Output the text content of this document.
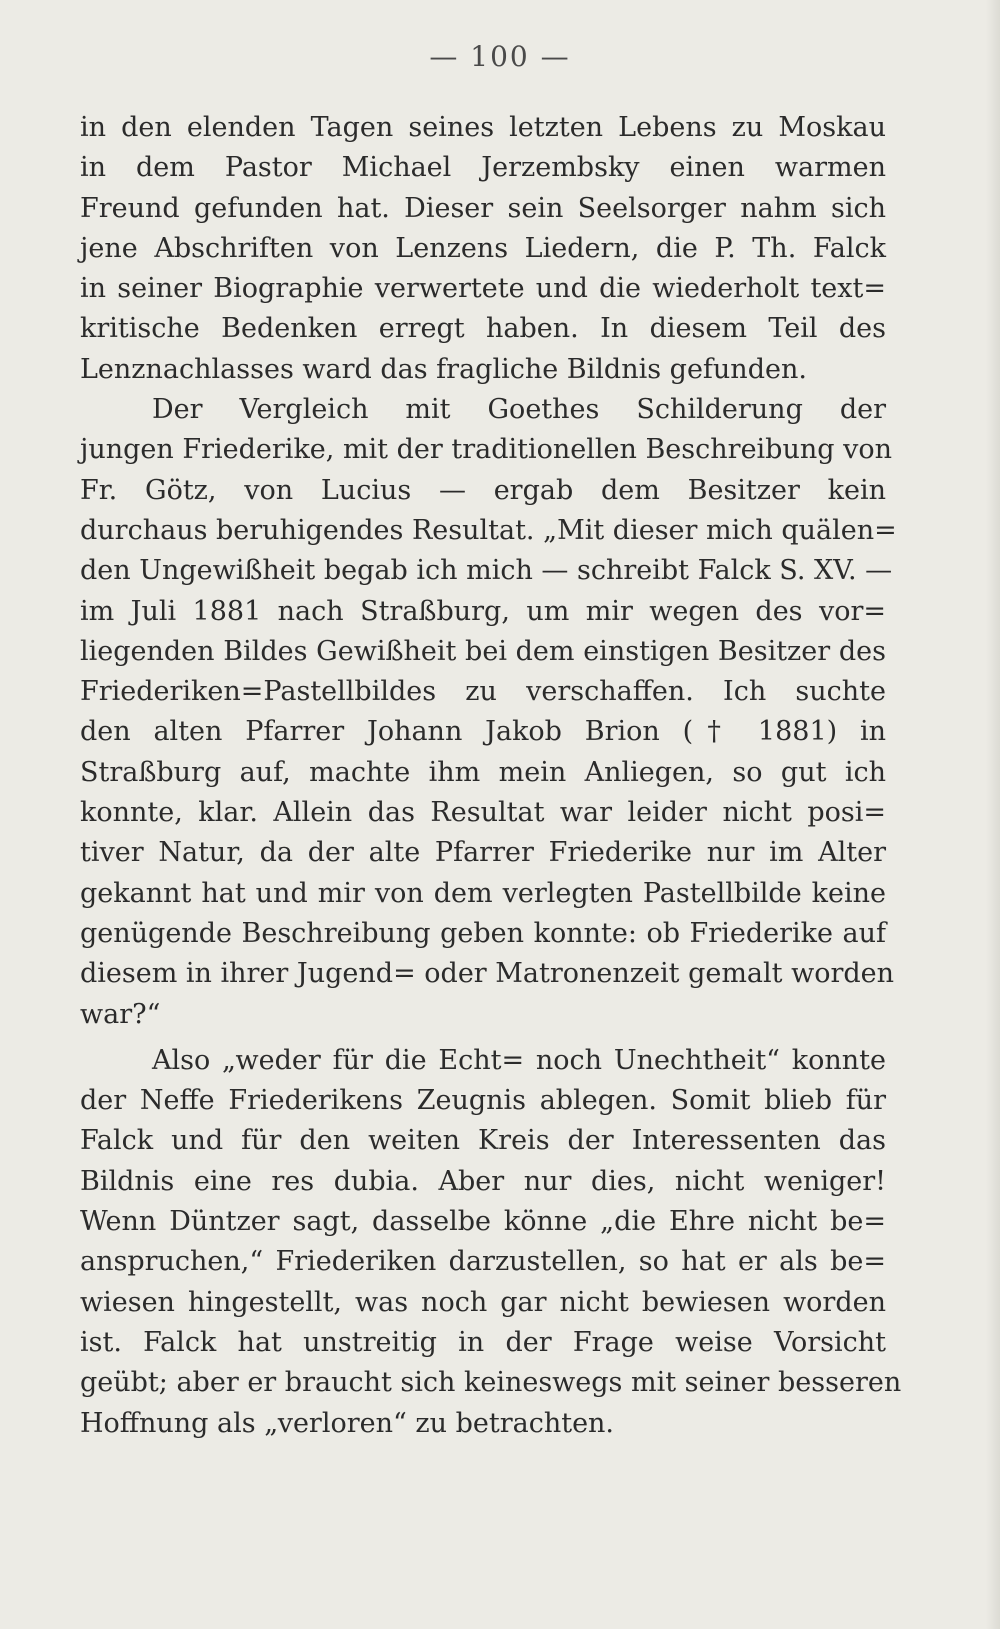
— 100 —
in den elenden Tagen seines letzten Lebens zu Moskau
in dem Pastor Michael Jerzembsky einen warmen
Freund gefunden hat. Dieser sein Seelsorger nahm sich
jene Abschriften von Lenzens Liedern, die P. Th. Falck
in seiner Biographie verwertete und die wiederholt text=
kritische Bedenken erregt haben. In diesem Teil des
Lenznachlasses ward das fragliche Bildnis gefunden.
Der Vergleich mit Goethes Schilderung der
jungen Friederike, mit der traditionellen Beschreibung von
Fr. Götz, von Lucius — ergab dem Besitzer kein
durchaus beruhigendes Resultat. „Mit dieser mich quälen=
den Ungewißheit begab ich mich — schreibt Falck S. XV. —
im Juli 1881 nach Straßburg, um mir wegen des vor=
liegenden Bildes Gewißheit bei dem einstigen Besitzer des
Friederiken=Pastellbildes zu verschaffen. Ich suchte
den alten Pfarrer Johann Jakob Brion († 1881) in
Straßburg auf, machte ihm mein Anliegen, so gut ich
konnte, klar. Allein das Resultat war leider nicht posi=
tiver Natur, da der alte Pfarrer Friederike nur im Alter
gekannt hat und mir von dem verlegten Pastellbilde keine
genügende Beschreibung geben konnte: ob Friederike auf
diesem in ihrer Jugend= oder Matronenzeit gemalt worden
war?“
Also „weder für die Echt= noch Unechtheit“ konnte
der Neffe Friederikens Zeugnis ablegen. Somit blieb für
Falck und für den weiten Kreis der Interessenten das
Bildnis eine res dubia. Aber nur dies, nicht weniger!
Wenn Düntzer sagt, dasselbe könne „die Ehre nicht be=
anspruchen,“ Friederiken darzustellen, so hat er als be=
wiesen hingestellt, was noch gar nicht bewiesen worden
ist. Falck hat unstreitig in der Frage weise Vorsicht
geübt; aber er braucht sich keineswegs mit seiner besseren
Hoffnung als „verloren“ zu betrachten.
